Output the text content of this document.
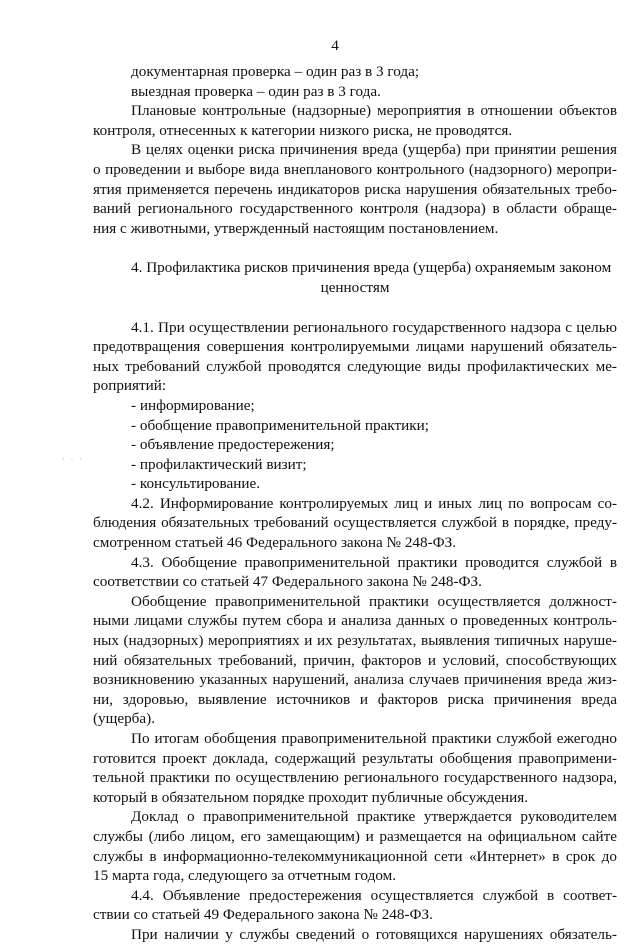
4
· · ·
документарная проверка – один раз в 3 года;
выездная проверка – один раз в 3 года.
Плановые контрольные (надзорные) мероприятия в отношении объектов
контроля, отнесенных к категории низкого риска, не проводятся.
В целях оценки риска причинения вреда (ущерба) при принятии решения
о проведении и выборе вида внепланового контрольного (надзорного) меропри-
ятия применяется перечень индикаторов риска нарушения обязательных требо-
ваний регионального государственного контроля (надзора) в области обраще-
ния с животными, утвержденный настоящим постановлением.
4. Профилактика рисков причинения вреда (ущерба) охраняемым законом
ценностям
4.1. При осуществлении регионального государственного надзора с целью
предотвращения совершения контролируемыми лицами нарушений обязатель-
ных требований службой проводятся следующие виды профилактических ме-
роприятий:
- информирование;
- обобщение правоприменительной практики;
- объявление предостережения;
- профилактический визит;
- консультирование.
4.2. Информирование контролируемых лиц и иных лиц по вопросам со-
блюдения обязательных требований осуществляется службой в порядке, преду-
смотренном статьей 46 Федерального закона № 248-ФЗ.
4.3. Обобщение правоприменительной практики проводится службой в
соответствии со статьей 47 Федерального закона № 248-ФЗ.
Обобщение правоприменительной практики осуществляется должност-
ными лицами службы путем сбора и анализа данных о проведенных контроль-
ных (надзорных) мероприятиях и их результатах, выявления типичных наруше-
ний обязательных требований, причин, факторов и условий, способствующих
возникновению указанных нарушений, анализа случаев причинения вреда жиз-
ни, здоровью, выявление источников и факторов риска причинения вреда
(ущерба).
По итогам обобщения правоприменительной практики службой ежегодно
готовится проект доклада, содержащий результаты обобщения правопримени-
тельной практики по осуществлению регионального государственного надзора,
который в обязательном порядке проходит публичные обсуждения.
Доклад о правоприменительной практике утверждается руководителем
службы (либо лицом, его замещающим) и размещается на официальном сайте
службы в информационно-телекоммуникационной сети «Интернет» в срок до
15 марта года, следующего за отчетным годом.
4.4. Объявление предостережения осуществляется службой в соответ-
ствии со статьей 49 Федерального закона № 248-ФЗ.
При наличии у службы сведений о готовящихся нарушениях обязатель-
